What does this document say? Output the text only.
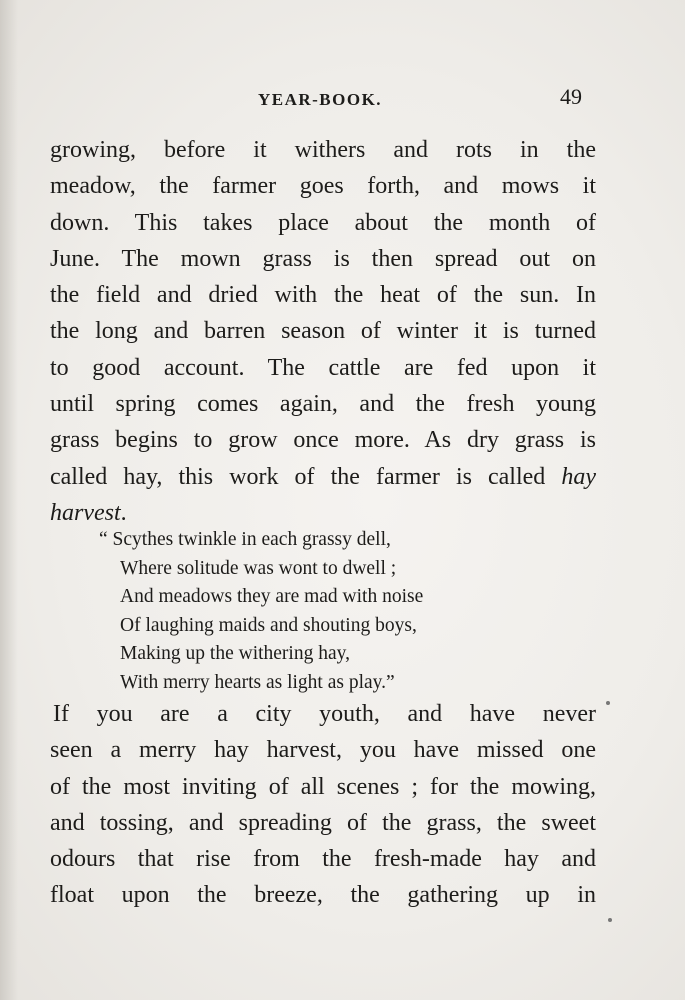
YEAR-BOOK.	49
growing, before it withers and rots in the
meadow, the farmer goes forth, and mows it
down. This takes place about the month of
June. The mown grass is then spread out on
the field and dried with the heat of the sun. In
the long and barren season of winter it is turned
to good account. The cattle are fed upon it
until spring comes again, and the fresh young
grass begins to grow once more. As dry grass is
called hay, this work of the farmer is called hay
harvest.
“ Scythes twinkle in each grassy dell,
Where solitude was wont to dwell ;
And meadows they are mad with noise
Of laughing maids and shouting boys,
Making up the withering hay,
With merry hearts as light as play.”
If you are a city youth, and have never
seen a merry hay harvest, you have missed one
of the most inviting of all scenes ; for the mowing,
and tossing, and spreading of the grass, the sweet
odours that rise from the fresh-made hay and
float upon the breeze, the gathering up in
